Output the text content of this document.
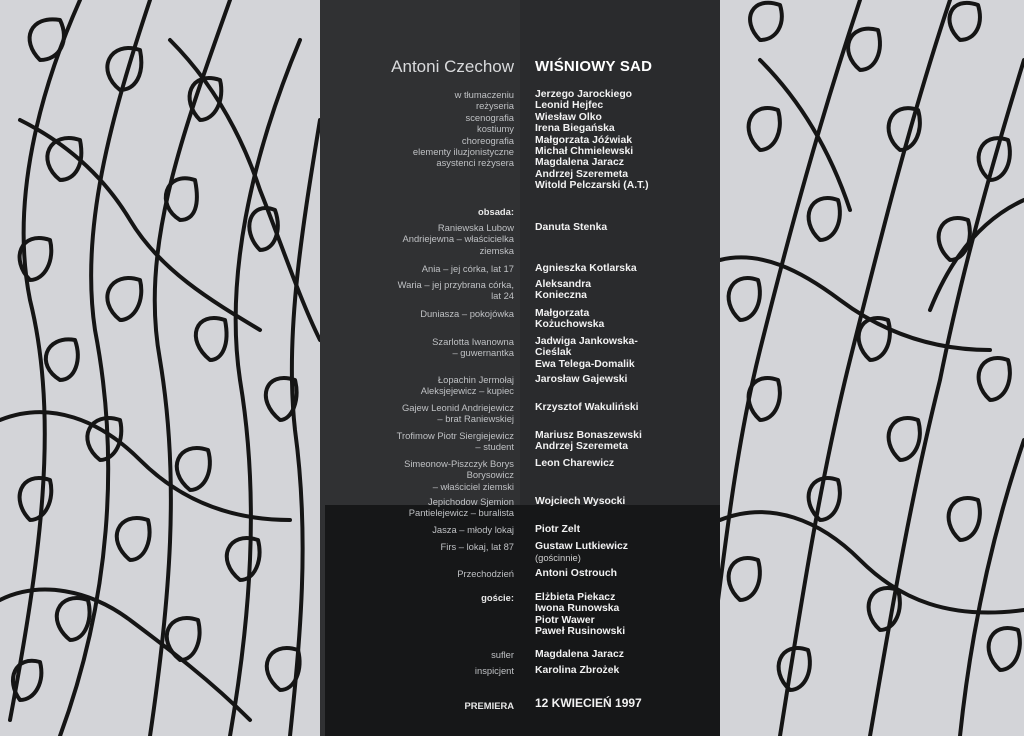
Antoni Czechow WIŚNIOWY SAD
w tłumaczeniu
reżyseria
scenografia
kostiumy
choreografia
elementy iluzjonistyczne
asystenci reżysera
Jerzego Jarockiego
Leonid Hejfec
Wiesław Olko
Irena Biegańska
Małgorzata Jóźwiak
Michał Chmielewski
Magdalena Jaracz
Andrzej Szeremeta
Witold Pelczarski (A.T.)
obsada:
Raniewska Lubow
Andriejewna – właścicielka
ziemska
Danuta Stenka
Ania – jej córka, lat 17 Agnieszka Kotlarska
Waria – jej przybrana córka,
lat 24
Aleksandra
Konieczna
Duniasza – pokojówka Małgorzata
Kożuchowska
Szarlotta Iwanowna
– guwernantka
Jadwiga Jankowska-
Cieślak
Ewa Telega-Domalik
Łopachin Jermołaj
Aleksjejewicz – kupiec
Jarosław Gajewski
Gajew Leonid Andriejewicz
– brat Raniewskiej
Krzysztof Wakuliński
Trofimow Piotr Siergiejewicz
– student
Mariusz Bonaszewski
Andrzej Szeremeta
Simeonow-Piszczyk Borys
Borysowicz
– właściciel ziemski
Leon Charewicz
Jepichodow Sjemion
Pantielejewicz – buralista
Wojciech Wysocki
Jasza – młody lokaj Piotr Zelt
Firs – lokaj, lat 87 Gustaw Lutkiewicz
(gościnnie)
Przechodzień Antoni Ostrouch
goście: Elżbieta Piekacz
Iwona Runowska
Piotr Wawer
Paweł Rusinowski
sufler Magdalena Jaracz
inspicjent Karolina Zbrożek
PREMIERA 12 KWIECIEŃ 1997
